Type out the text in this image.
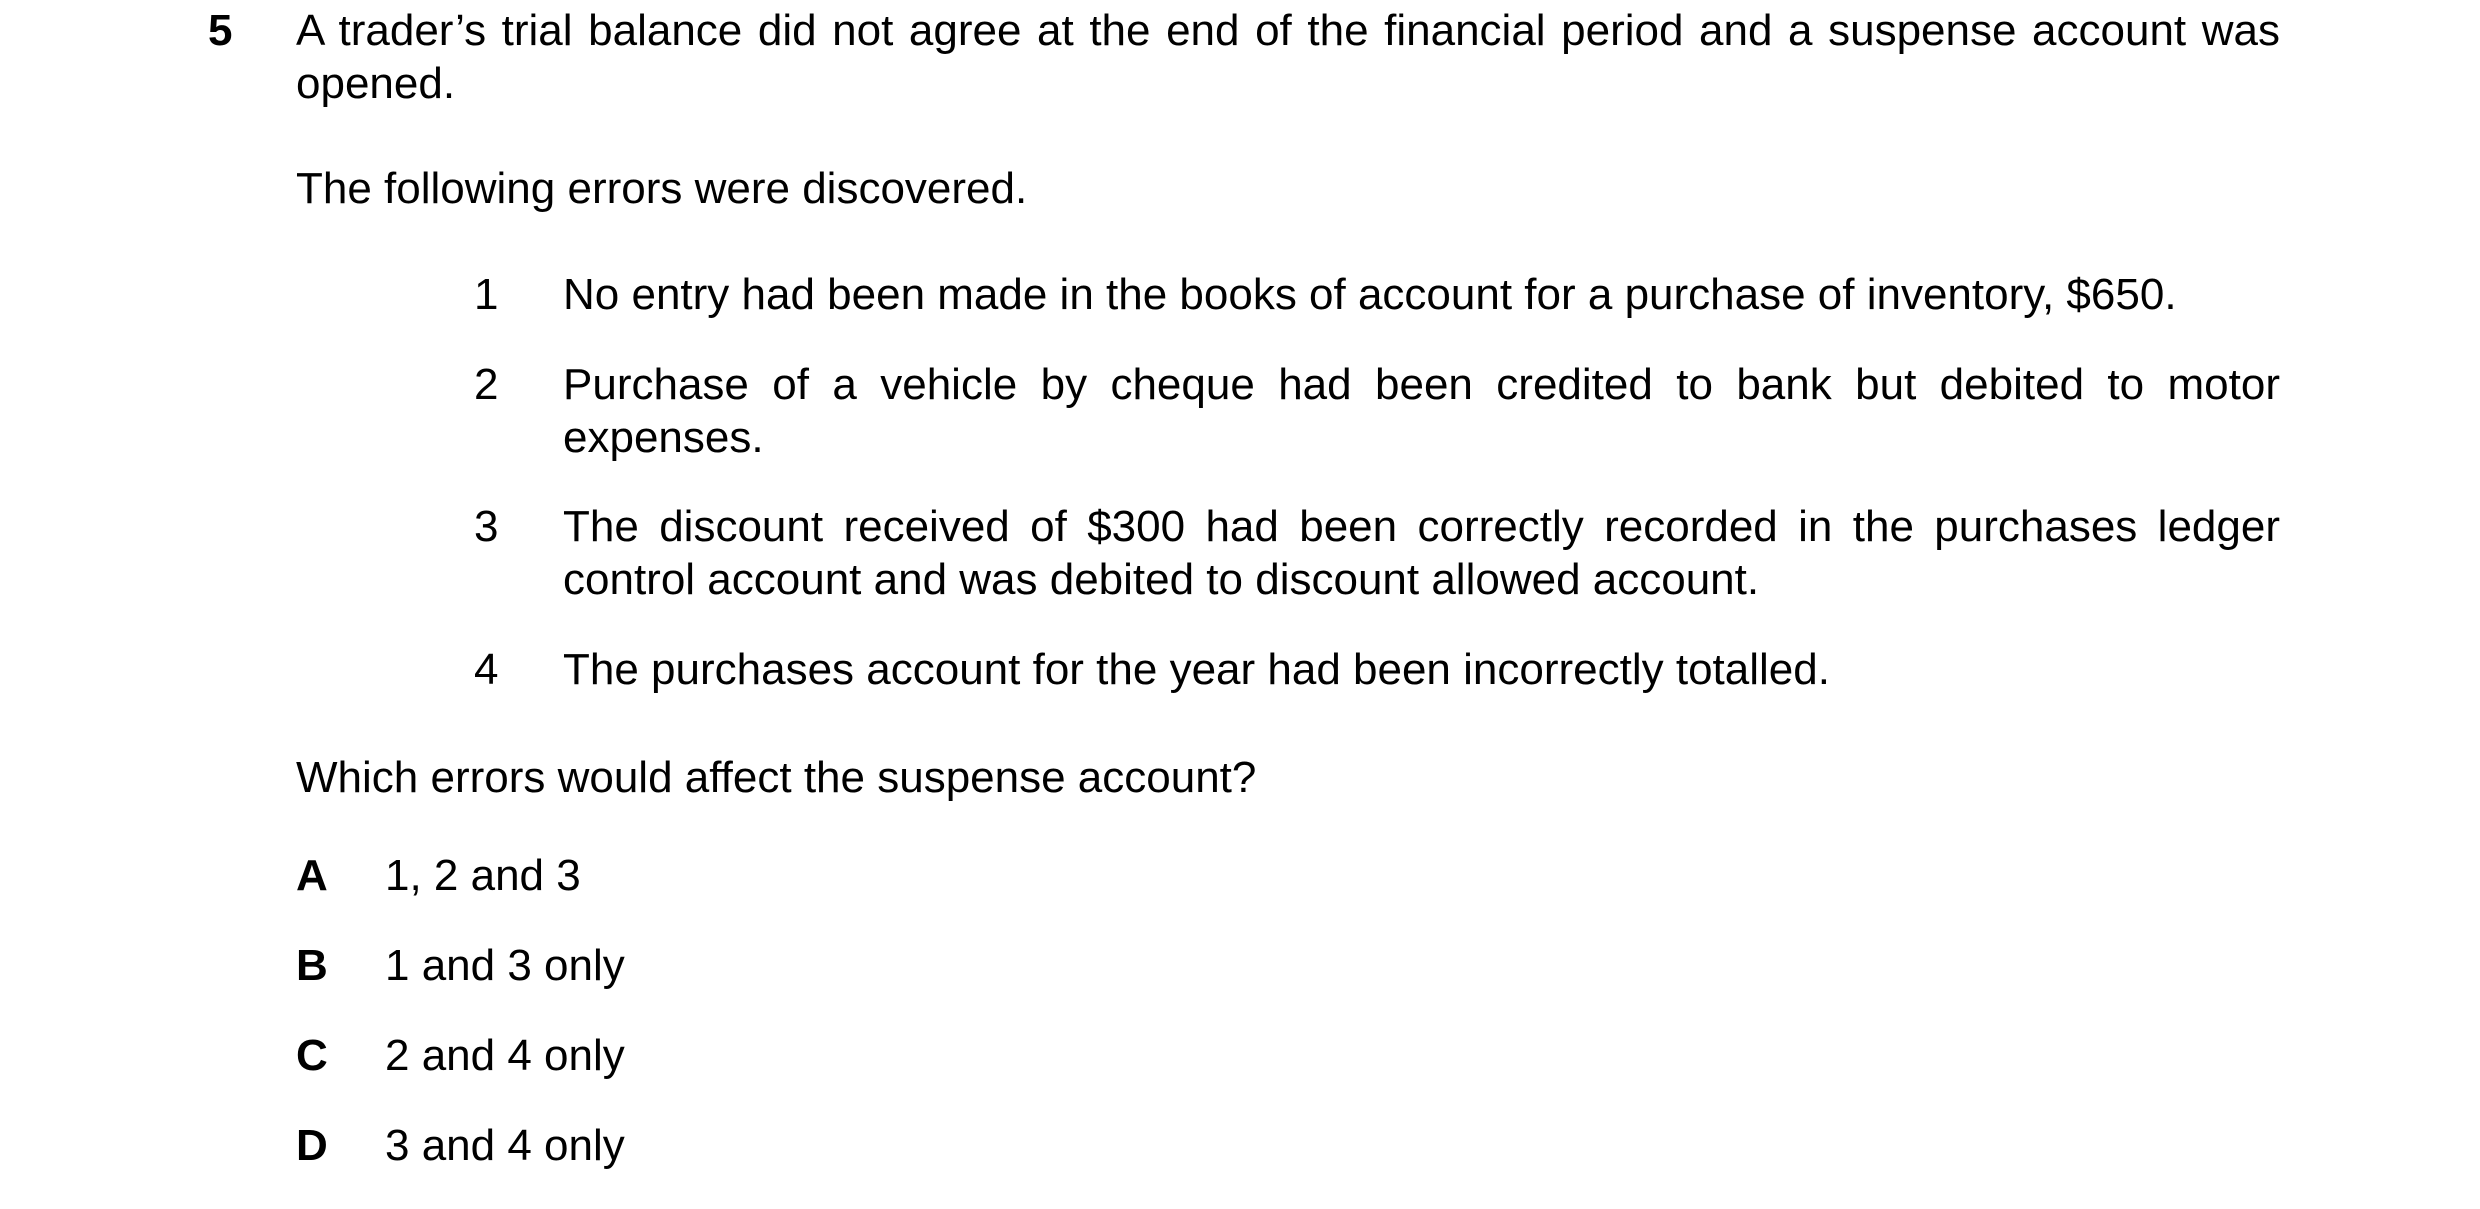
5 A trader’s trial balance did not agree at the end of the financial period and a suspense account was opened.
The following errors were discovered.
1	No entry had been made in the books of account for a purchase of inventory, $650.
2	Purchase of a vehicle by cheque had been credited to bank but debited to motor expenses.
3	The discount received of $300 had been correctly recorded in the purchases ledger control account and was debited to discount allowed account.
4	The purchases account for the year had been incorrectly totalled.
Which errors would affect the suspense account?
A 1, 2 and 3
B 1 and 3 only
C 2 and 4 only
D 3 and 4 only
